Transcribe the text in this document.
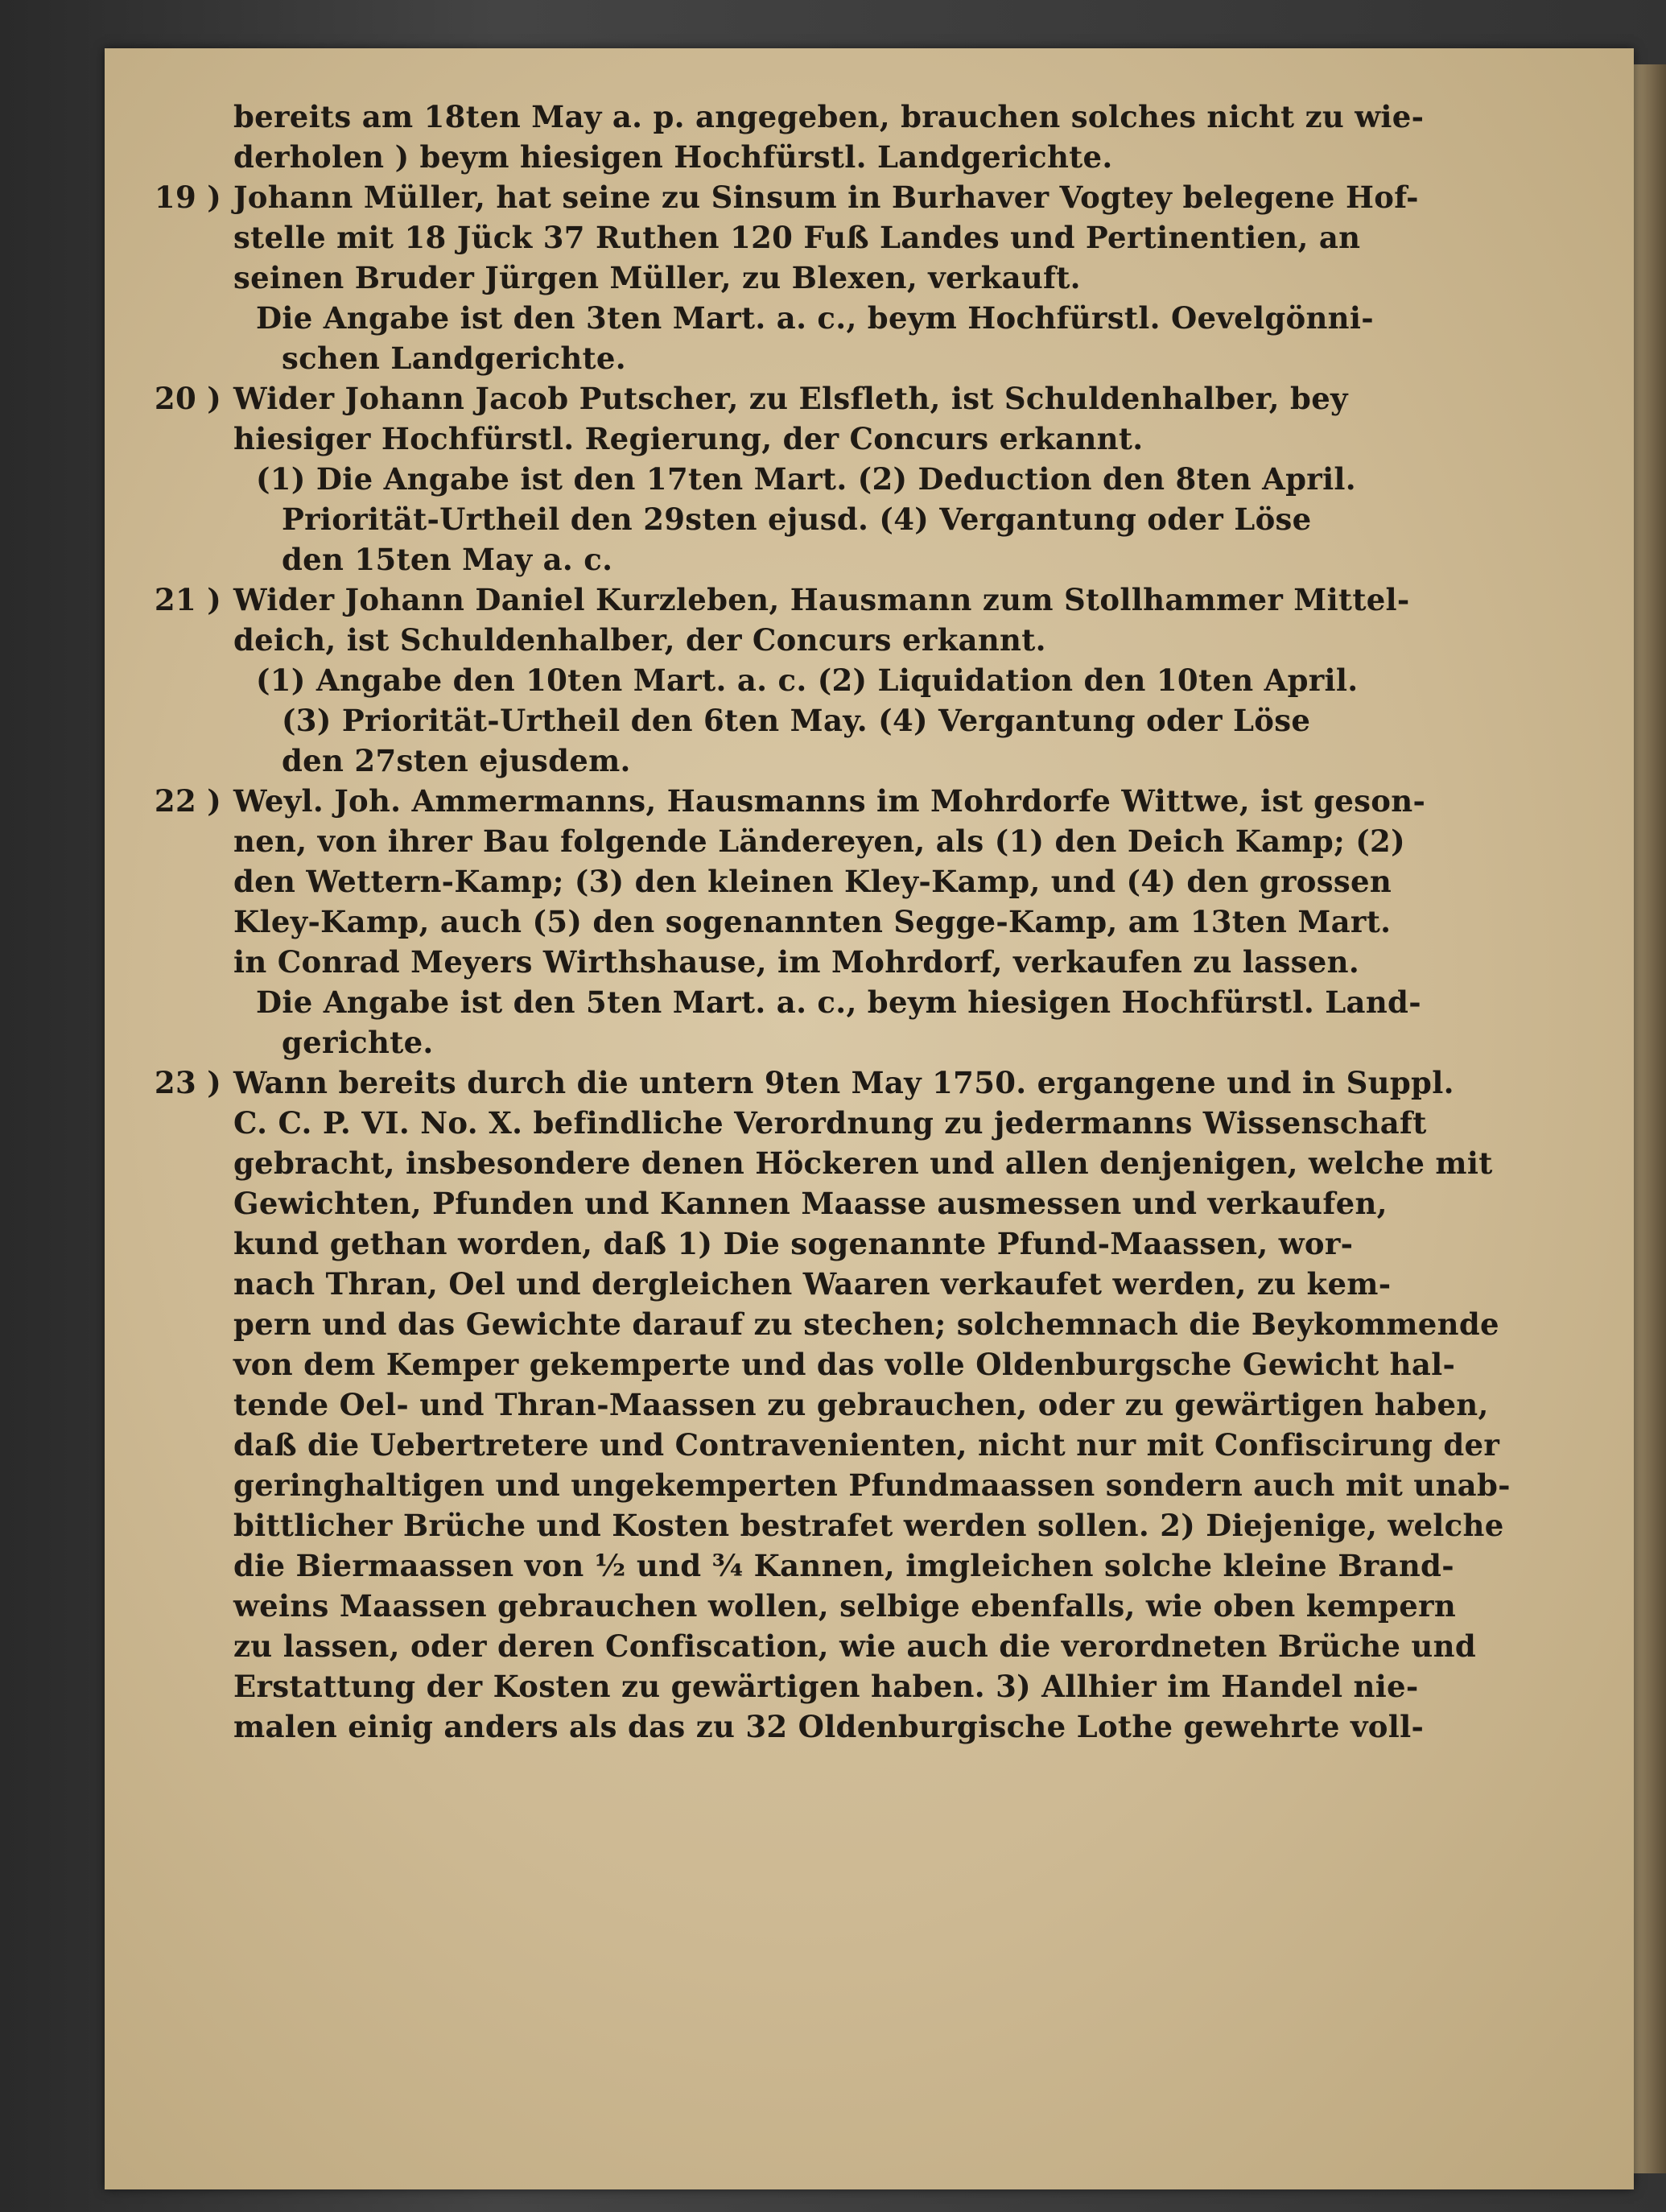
bereits am 18ten May a. p. angegeben, brauchen solches nicht zu wie-
derholen ) beym hiesigen Hochfürstl. Landgerichte.
19 ) Johann Müller, hat seine zu Sinsum in Burhaver Vogtey belegene Hof-
stelle mit 18 Jück 37 Ruthen 120 Fuß Landes und Pertinentien, an
seinen Bruder Jürgen Müller, zu Blexen, verkauft.
Die Angabe ist den 3ten Mart. a. c., beym Hochfürstl. Oevelgönni-
schen Landgerichte.
20 ) Wider Johann Jacob Putscher, zu Elsfleth, ist Schuldenhalber, bey
hiesiger Hochfürstl. Regierung, der Concurs erkannt.
(1) Die Angabe ist den 17ten Mart. (2) Deduction den 8ten April.
Priorität-Urtheil den 29sten ejusd. (4) Vergantung oder Löse
den 15ten May a. c.
21 ) Wider Johann Daniel Kurzleben, Hausmann zum Stollhammer Mittel-
deich, ist Schuldenhalber, der Concurs erkannt.
(1) Angabe den 10ten Mart. a. c. (2) Liquidation den 10ten April.
(3) Priorität-Urtheil den 6ten May. (4) Vergantung oder Löse
den 27sten ejusdem.
22 ) Weyl. Joh. Ammermanns, Hausmanns im Mohrdorfe Wittwe, ist geson-
nen, von ihrer Bau folgende Ländereyen, als (1) den Deich Kamp; (2)
den Wettern-Kamp; (3) den kleinen Kley-Kamp, und (4) den grossen
Kley-Kamp, auch (5) den sogenannten Segge-Kamp, am 13ten Mart.
in Conrad Meyers Wirthshause, im Mohrdorf, verkaufen zu lassen.
Die Angabe ist den 5ten Mart. a. c., beym hiesigen Hochfürstl. Land-
gerichte.
23 ) Wann bereits durch die untern 9ten May 1750. ergangene und in Suppl.
C. C. P. VI. No. X. befindliche Verordnung zu jedermanns Wissenschaft
gebracht, insbesondere denen Höckeren und allen denjenigen, welche mit
Gewichten, Pfunden und Kannen Maasse ausmessen und verkaufen,
kund gethan worden, daß 1) Die sogenannte Pfund-Maassen, wor-
nach Thran, Oel und dergleichen Waaren verkaufet werden, zu kem-
pern und das Gewichte darauf zu stechen; solchemnach die Beykommende
von dem Kemper gekemperte und das volle Oldenburgsche Gewicht hal-
tende Oel- und Thran-Maassen zu gebrauchen, oder zu gewärtigen haben,
daß die Uebertretere und Contravenienten, nicht nur mit Confiscirung der
geringhaltigen und ungekemperten Pfundmaassen sondern auch mit unab-
bittlicher Brüche und Kosten bestrafet werden sollen. 2) Diejenige, welche
die Biermaassen von ½ und ¾ Kannen, imgleichen solche kleine Brand-
weins Maassen gebrauchen wollen, selbige ebenfalls, wie oben kempern
zu lassen, oder deren Confiscation, wie auch die verordneten Brüche und
Erstattung der Kosten zu gewärtigen haben. 3) Allhier im Handel nie-
malen einig anders als das zu 32 Oldenburgische Lothe gewehrte voll-
